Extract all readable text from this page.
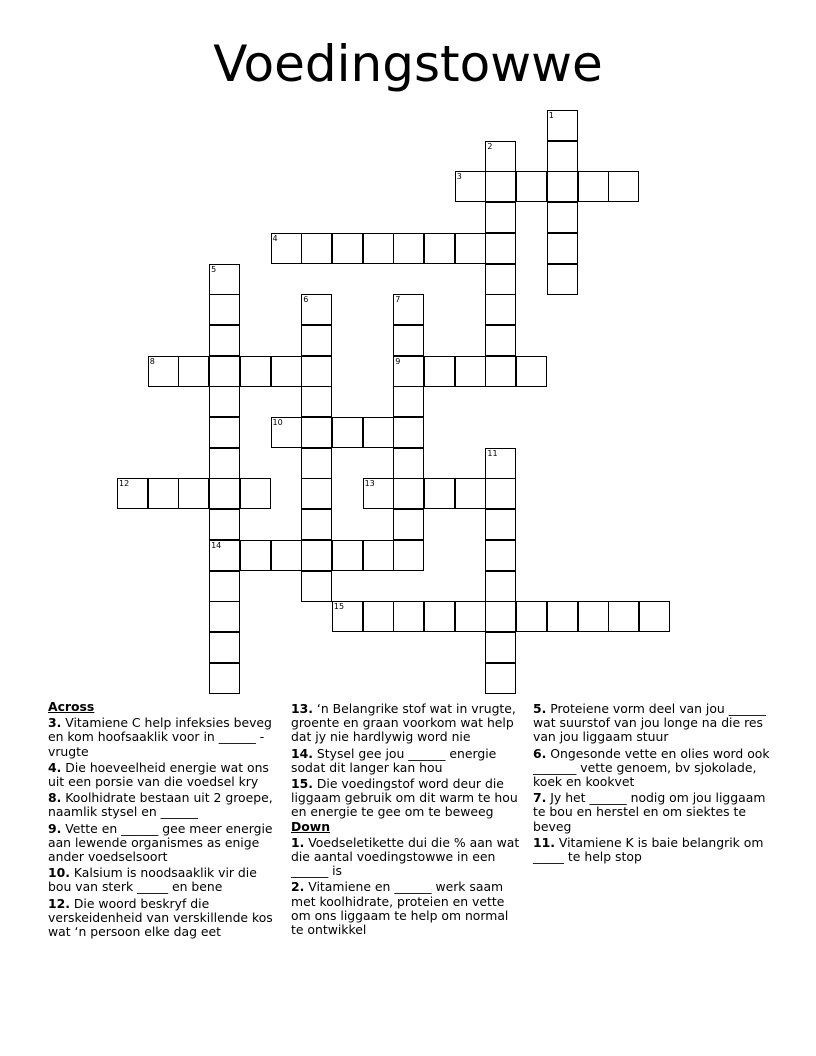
Voedingstowwe
3
4
8	9
10
12	13
14
15
1
2
5
6	7
11
Across
3. Vitamiene C help infeksies beveg en kom hoofsaaklik voor in ______ -vrugte
4. Die hoeveelheid energie wat ons uit een porsie van die voedsel kry
8. Koolhidrate bestaan uit 2 groepe, naamlik stysel en ______
9. Vette en ______ gee meer energie aan lewende organismes as enige ander voedselsoort
10. Kalsium is noodsaaklik vir die bou van sterk _____ en bene
12. Die woord beskryf die verskeidenheid van verskillende kos wat ‘n persoon elke dag eet
13. ‘n Belangrike stof wat in vrugte, groente en graan voorkom wat help dat jy nie hardlywig word nie
14. Stysel gee jou ______ energie sodat dit langer kan hou
15. Die voedingstof word deur die liggaam gebruik om dit warm te hou en energie te gee om te beweeg
Down
1. Voedseletikette dui die % aan wat die aantal voedingstowwe in een ______ is
2. Vitamiene en ______ werk saam met koolhidrate, proteien en vette om ons liggaam te help om normal te ontwikkel
5. Proteiene vorm deel van jou ______ wat suurstof van jou longe na die res van jou liggaam stuur
6. Ongesonde vette en olies word ook _______ vette genoem, bv sjokolade, koek en kookvet
7. Jy het ______ nodig om jou liggaam te bou en herstel en om siektes te beveg
11. Vitamiene K is baie belangrik om _____ te help stop
